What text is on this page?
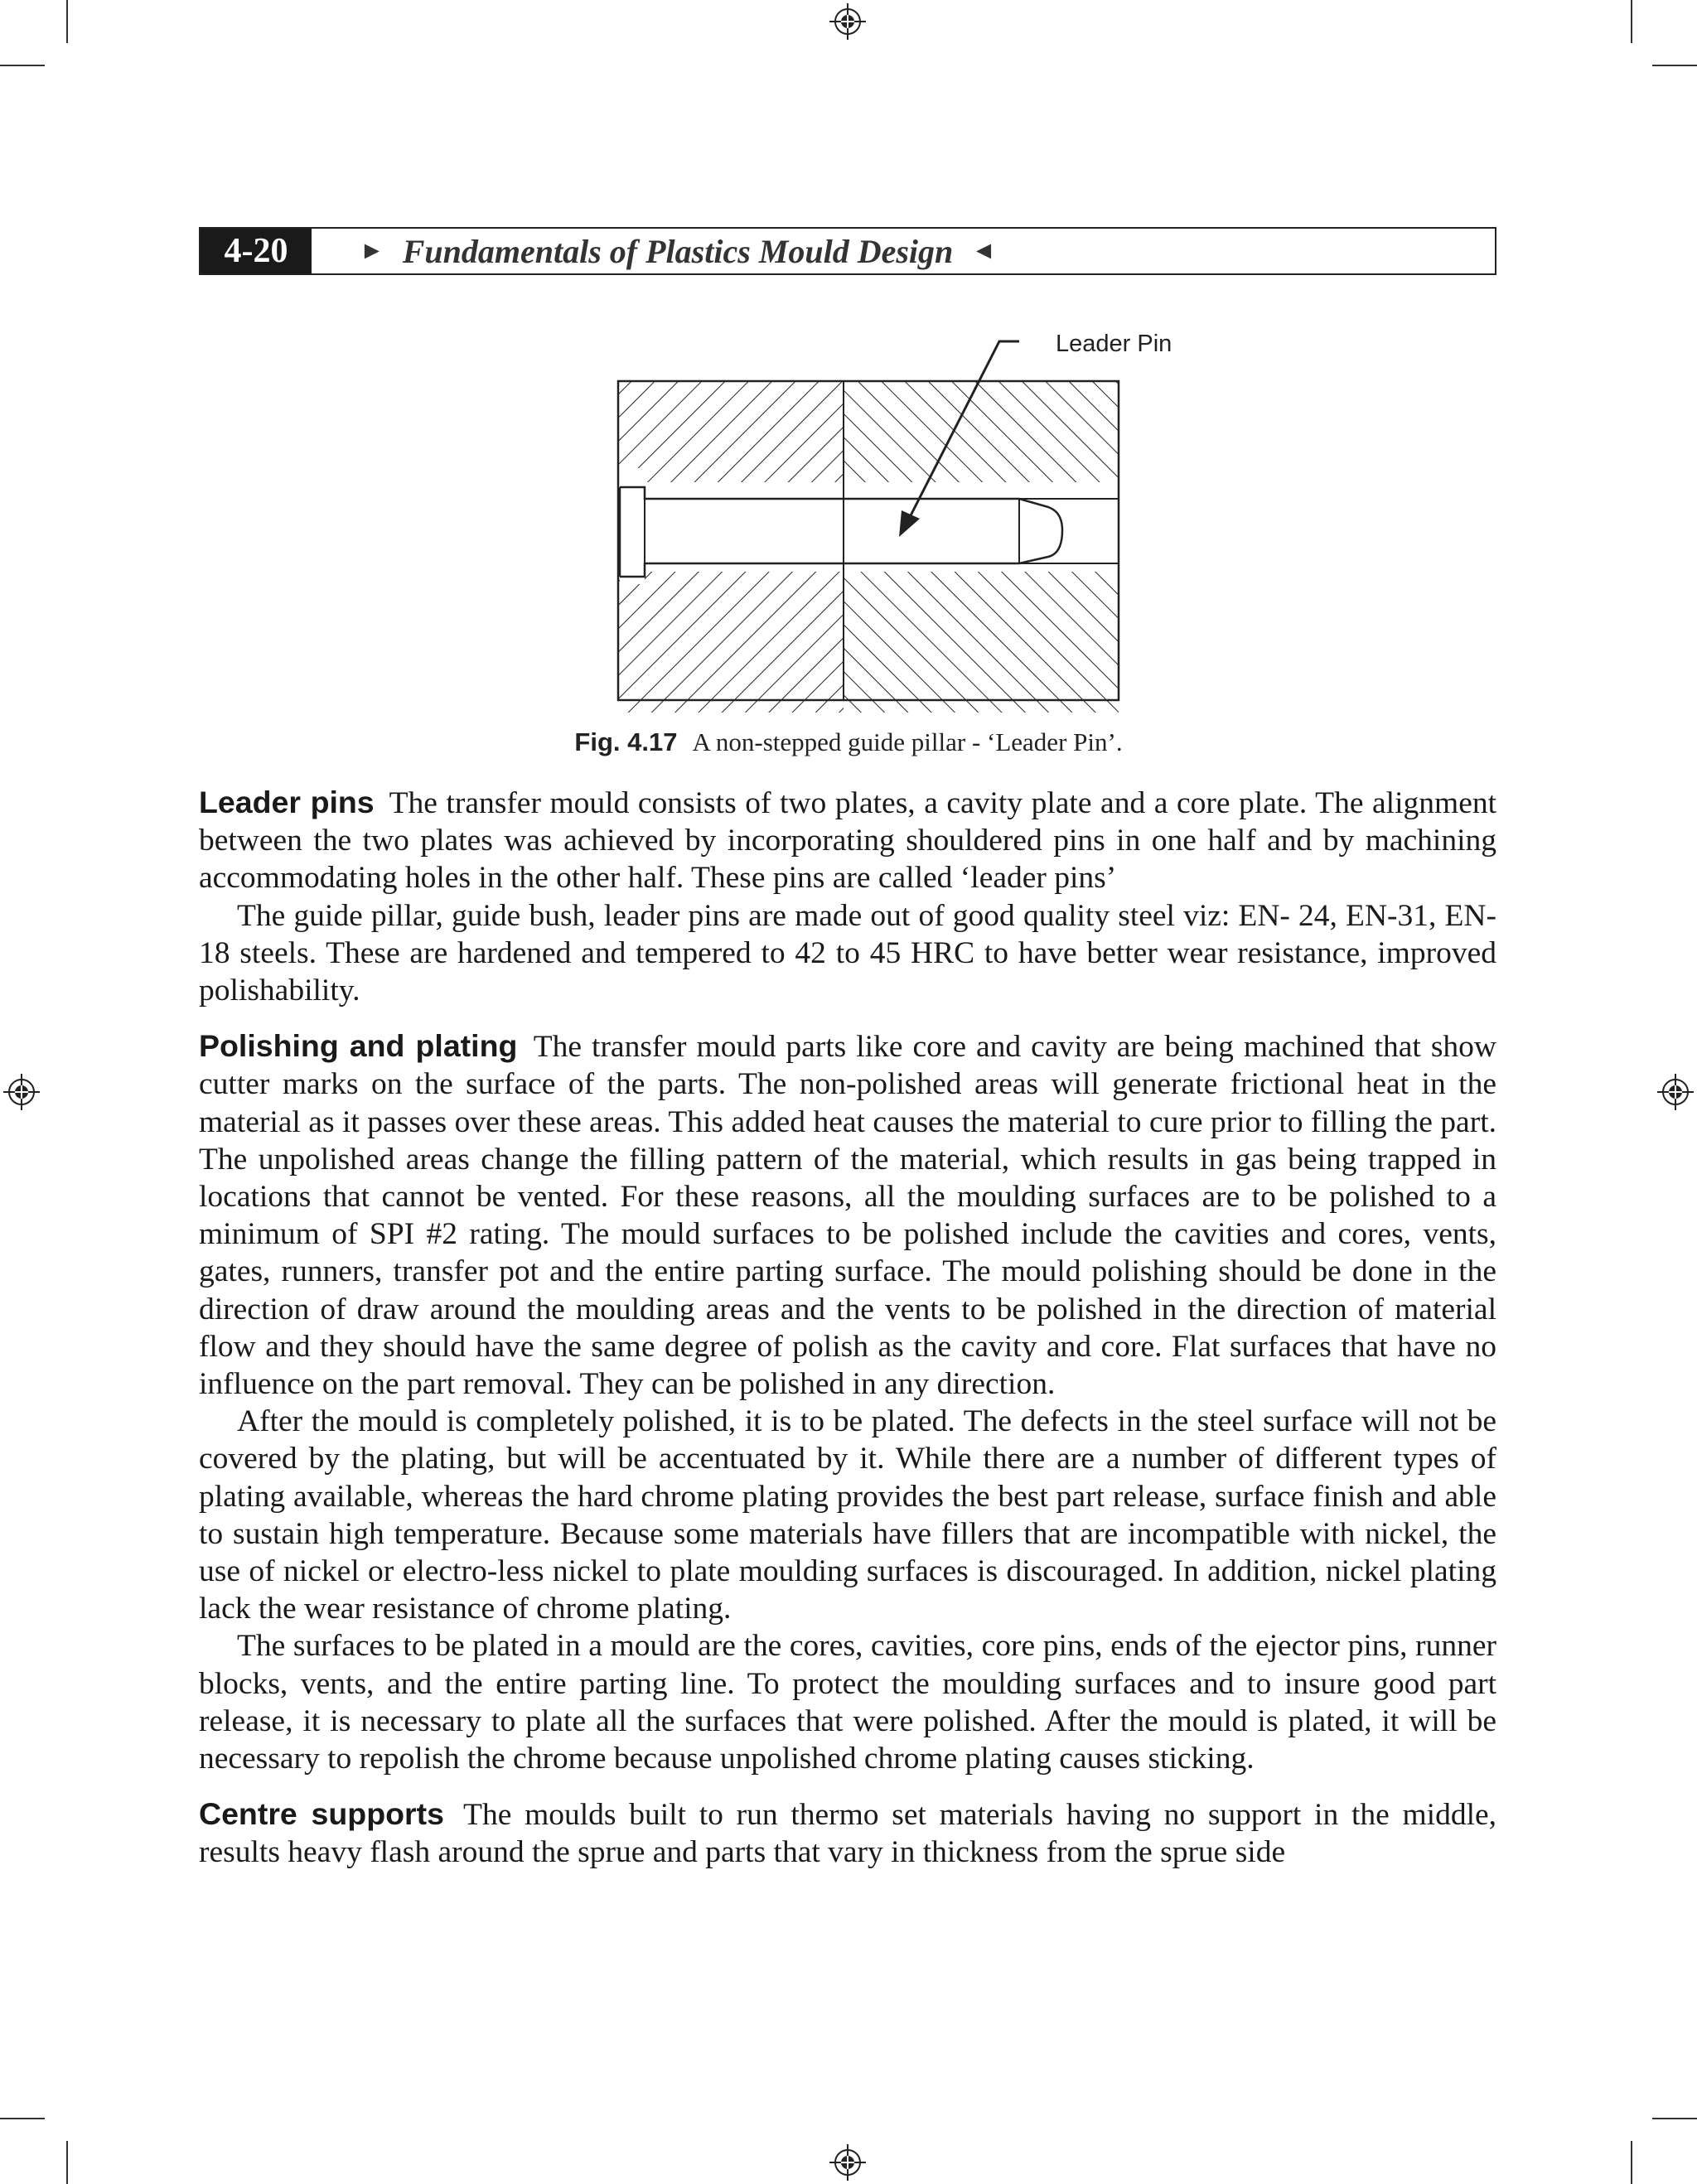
4-20	► Fundamentals of Plastics Mould Design ◄
Leader Pin
Fig. 4.17 A non-stepped guide pillar - ‘Leader Pin’.

Leader pins The transfer mould consists of two plates, a cavity plate and a core plate. The alignment between the two plates was achieved by incorporating shouldered pins in one half and by machining accommodating holes in the other half. These pins are called ‘leader pins’

The guide pillar, guide bush, leader pins are made out of good quality steel viz: EN- 24, EN-31, EN-18 steels. These are hardened and tempered to 42 to 45 HRC to have better wear resistance, improved polishability.

Polishing and plating The transfer mould parts like core and cavity are being machined that show cutter marks on the surface of the parts. The non-polished areas will generate frictional heat in the material as it passes over these areas. This added heat causes the material to cure prior to filling the part. The unpolished areas change the filling pattern of the material, which results in gas being trapped in locations that cannot be vented. For these reasons, all the moulding surfaces are to be polished to a minimum of SPI #2 rating. The mould surfaces to be polished include the cavities and cores, vents, gates, runners, transfer pot and the entire parting surface. The mould polishing should be done in the direction of draw around the moulding areas and the vents to be polished in the direction of material flow and they should have the same degree of polish as the cavity and core. Flat surfaces that have no influence on the part removal. They can be polished in any direction.

After the mould is completely polished, it is to be plated. The defects in the steel surface will not be covered by the plating, but will be accentuated by it. While there are a number of different types of plating available, whereas the hard chrome plating provides the best part release, surface finish and able to sustain high temperature. Because some materials have fillers that are incompatible with nickel, the use of nickel or electro-less nickel to plate moulding surfaces is discouraged. In addition, nickel plating lack the wear resistance of chrome plating.

The surfaces to be plated in a mould are the cores, cavities, core pins, ends of the ejector pins, runner blocks, vents, and the entire parting line. To protect the moulding surfaces and to insure good part release, it is necessary to plate all the surfaces that were polished. After the mould is plated, it will be necessary to repolish the chrome because unpolished chrome plating causes sticking.

Centre supports The moulds built to run thermo set materials having no support in the middle, results heavy flash around the sprue and parts that vary in thickness from the sprue side
